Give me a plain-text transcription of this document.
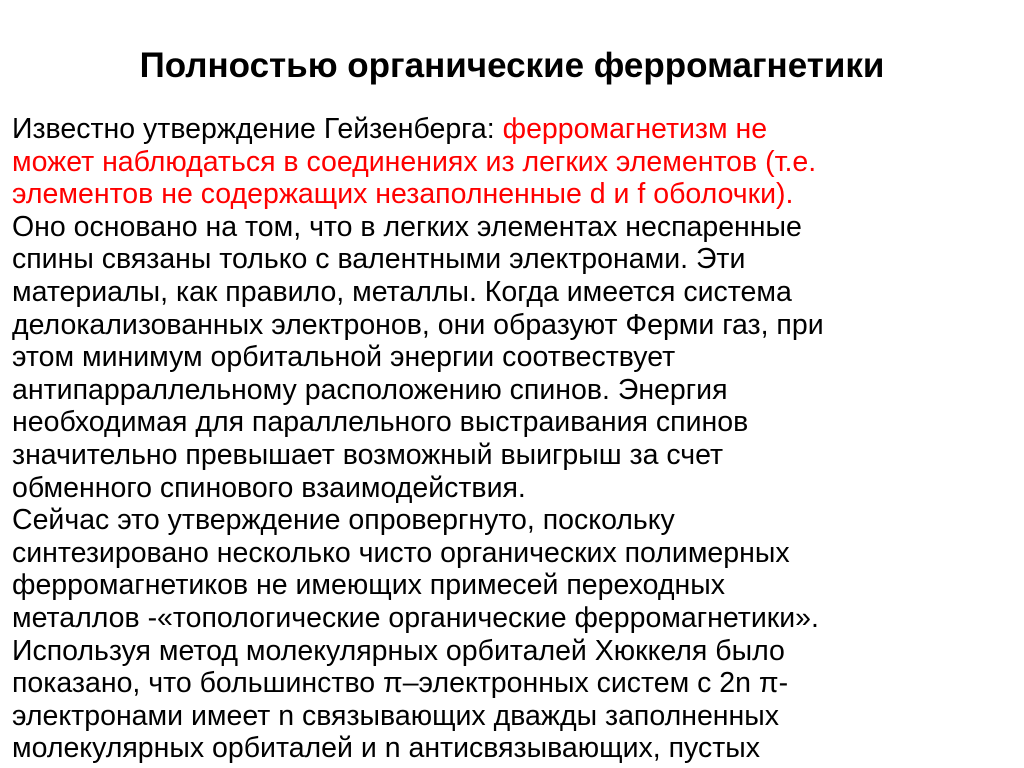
Полностью органические ферромагнетики
Известно утверждение Гейзенберга: ферромагнетизм не
может наблюдаться в соединениях из легких элементов (т.е.
элементов не содержащих незаполненные d и f оболочки).
Оно основано на том, что в легких элементах неспаренные
спины связаны только с валентными электронами. Эти
материалы, как правило, металлы. Когда имеется система
делокализованных электронов, они образуют Ферми газ, при
этом минимум орбитальной энергии соотвествует
антипарраллельному расположению спинов. Энергия
необходимая для параллельного выстраивания спинов
значительно превышает возможный выигрыш за счет
обменного спинового взаимодействия.
Сейчас это утверждение опровергнуто, поскольку
синтезировано несколько чисто органических полимерных
ферромагнетиков не имеющих примесей переходных
металлов -«топологические органические ферромагнетики».
Используя метод молекулярных орбиталей Хюккеля было
показано, что большинство π–электронных систем с 2n π-
электронами имеет n связывающих дважды заполненных
молекулярных орбиталей и n антисвязывающих, пустых
